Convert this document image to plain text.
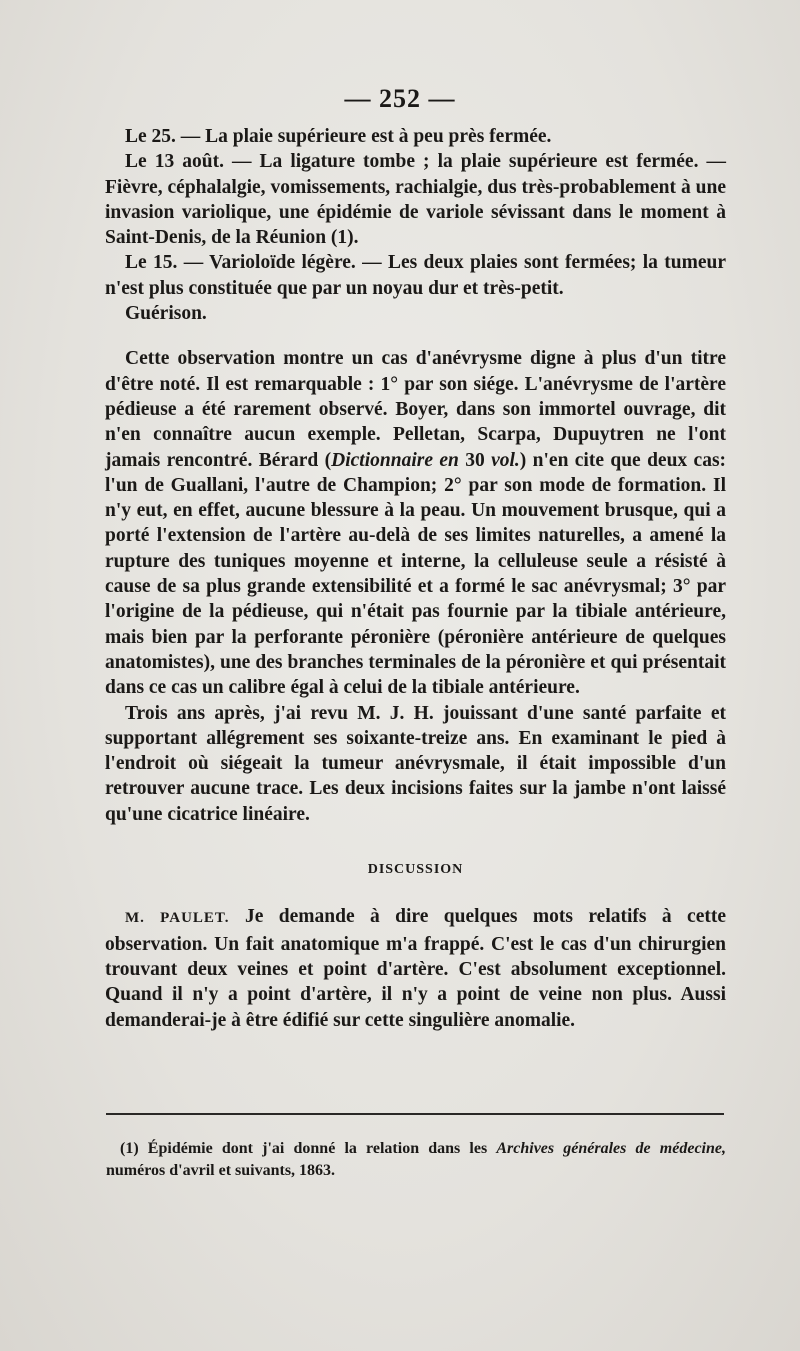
— 252 —

Le 25. — La plaie supérieure est à peu près fermée.

Le 13 août. — La ligature tombe ; la plaie supérieure est fermée. — Fièvre, céphalalgie, vomissements, rachialgie, dus très-probablement à une invasion variolique, une épidémie de variole sévissant dans le moment à Saint-Denis, de la Réunion (1).

Le 15. — Varioloïde légère. — Les deux plaies sont fermées; la tumeur n'est plus constituée que par un noyau dur et très-petit.

Guérison.

Cette observation montre un cas d'anévrysme digne à plus d'un titre d'être noté. Il est remarquable : 1° par son siége. L'anévrysme de l'artère pédieuse a été rarement observé. Boyer, dans son immortel ouvrage, dit n'en connaître aucun exemple. Pelletan, Scarpa, Dupuytren ne l'ont jamais rencontré. Bérard (Dictionnaire en 30 vol.) n'en cite que deux cas: l'un de Guallani, l'autre de Champion; 2° par son mode de formation. Il n'y eut, en effet, aucune blessure à la peau. Un mouvement brusque, qui a porté l'extension de l'artère au-delà de ses limites naturelles, a amené la rupture des tuniques moyenne et interne, la celluleuse seule a résisté à cause de sa plus grande extensibilité et a formé le sac anévrysmal; 3° par l'origine de la pédieuse, qui n'était pas fournie par la tibiale antérieure, mais bien par la perforante péronière (péronière antérieure de quelques anatomistes), une des branches terminales de la péronière et qui présentait dans ce cas un calibre égal à celui de la tibiale antérieure.

Trois ans après, j'ai revu M. J. H. jouissant d'une santé parfaite et supportant allégrement ses soixante-treize ans. En examinant le pied à l'endroit où siégeait la tumeur anévrysmale, il était impossible d'un retrouver aucune trace. Les deux incisions faites sur la jambe n'ont laissé qu'une cicatrice linéaire.

DISCUSSION

M. PAULET. Je demande à dire quelques mots relatifs à cette observation. Un fait anatomique m'a frappé. C'est le cas d'un chirurgien trouvant deux veines et point d'artère. C'est absolument exceptionnel. Quand il n'y a point d'artère, il n'y a point de veine non plus. Aussi demanderai-je à être édifié sur cette singulière anomalie.

(1) Épidémie dont j'ai donné la relation dans les Archives générales de médecine, numéros d'avril et suivants, 1863.
